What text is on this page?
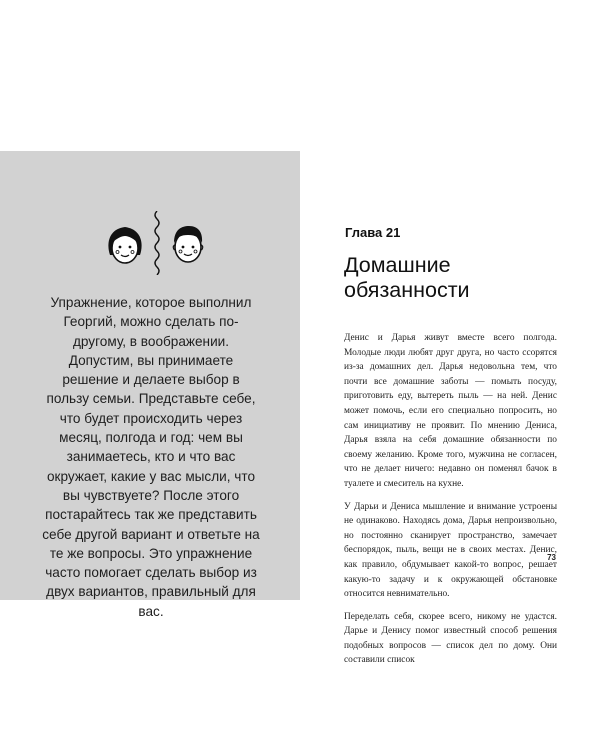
Упражнение, которое выполнил Георгий, можно сделать по-другому, в воображении. Допустим, вы принимаете решение и делаете выбор в пользу семьи. Представьте себе, что будет происходить через месяц, полгода и год: чем вы занимаетесь, кто и что вас окружает, какие у вас мысли, что вы чувствуете? После этого постарайтесь так же представить себе другой вариант и ответьте на те же вопросы. Это упражнение часто помогает сделать выбор из двух вариантов, правильный для вас.

Глава 21
Домашние обязанности

Денис и Дарья живут вместе всего полгода. Молодые люди любят друг друга, но часто ссорятся из-за домашних дел. Дарья недовольна тем, что почти все домашние заботы — помыть посуду, приготовить еду, вытереть пыль — на ней. Денис может помочь, если его специально попросить, но сам инициативу не проявит. По мнению Дениса, Дарья взяла на себя домашние обязанности по своему желанию. Кроме того, мужчина не согласен, что не делает ничего: недавно он поменял бачок в туалете и смеситель на кухне.

У Дарьи и Дениса мышление и внимание устроены не одинаково. Находясь дома, Дарья непроизвольно, но постоянно сканирует пространство, замечает беспорядок, пыль, вещи не в своих местах. Денис, как правило, обдумывает какой-то вопрос, решает какую-то задачу и к окружающей обстановке относится невнимательно.

Переделать себя, скорее всего, никому не удастся. Дарье и Денису помог известный способ решения подобных вопросов — список дел по дому. Они составили список

73
